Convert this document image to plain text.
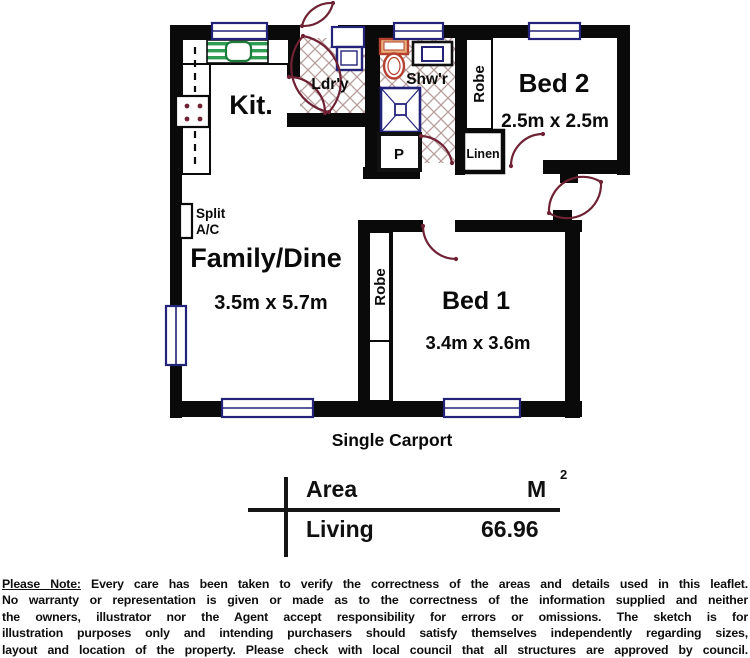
Kit.
Ldr'y	Shw'r
P	Linen
Robe Bed 2
2.5m x 2.5m
Family/Dine
3.5m x 5.7m	Robe Bed 1
3.4m x 3.6m
Split
A/C
Single Carport
Area	M
2
Living	66.96
Please Note: Every care has been taken to verify the correctness of the areas and details used in this leaflet.
No warranty or representation is given or made as to the correctness of the information supplied and neither
the owners, illustrator nor the Agent accept responsibility for errors or omissions. The sketch is for
illustration purposes only and intending purchasers should satisfy themselves independently regarding sizes,
layout and location of the property. Please check with local council that all structures are approved by council.
